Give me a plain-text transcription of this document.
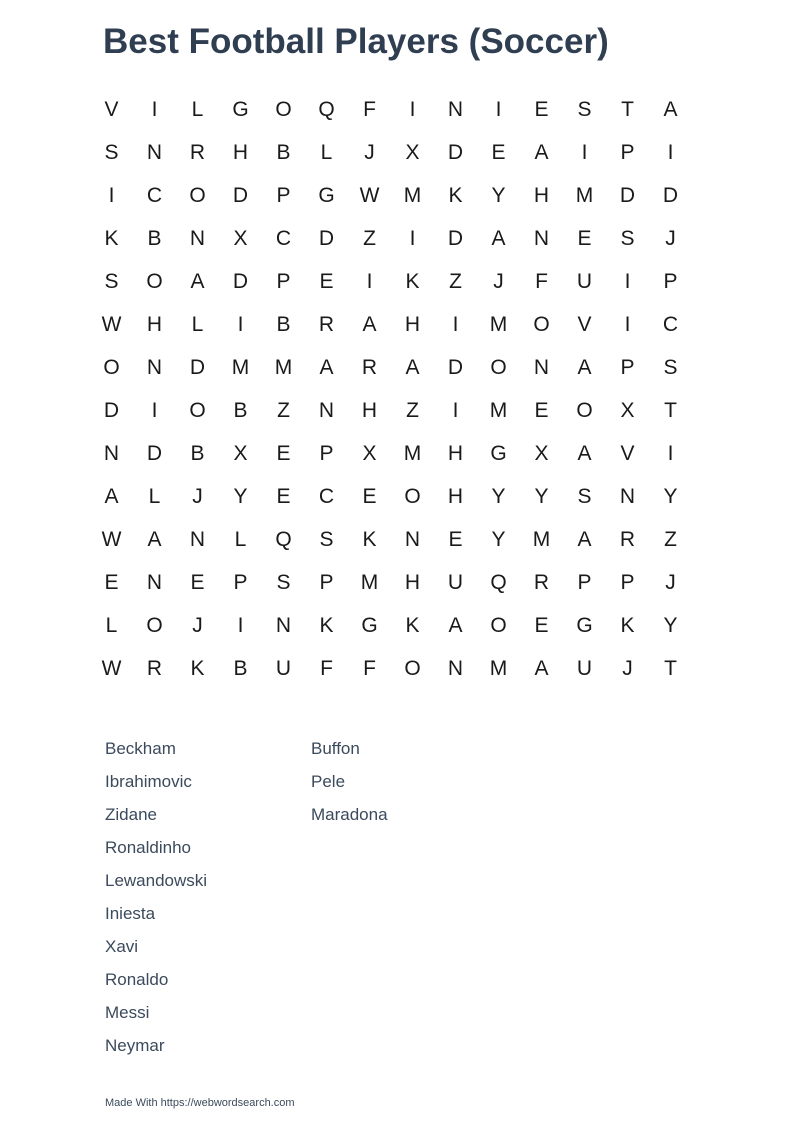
Best Football Players (Soccer)
V	I	L	G	O	Q	F	I	N	I	E	S	T	A
S	N	R	H	B	L	J	X	D	E	A	I	P	I
I	C	O	D	P	G	W	M	K	Y	H	M	D	D
K	B	N	X	C	D	Z	I	D	A	N	E	S	J
S	O	A	D	P	E	I	K	Z	J	F	U	I	P
W	H	L	I	B	R	A	H	I	M	O	V	I	C
O	N	D	M	M	A	R	A	D	O	N	A	P	S
D	I	O	B	Z	N	H	Z	I	M	E	O	X	T
N	D	B	X	E	P	X	M	H	G	X	A	V	I
A	L	J	Y	E	C	E	O	H	Y	Y	S	N	Y
W	A	N	L	Q	S	K	N	E	Y	M	A	R	Z
E	N	E	P	S	P	M	H	U	Q	R	P	P	J
L	O	J	I	N	K	G	K	A	O	E	G	K	Y
W	R	K	B	U	F	F	O	N	M	A	U	J	T
Beckham
Ibrahimovic
Zidane
Ronaldinho
Lewandowski
Iniesta
Xavi
Ronaldo
Messi
Neymar
Buffon
Pele
Maradona
Made With https://webwordsearch.com
